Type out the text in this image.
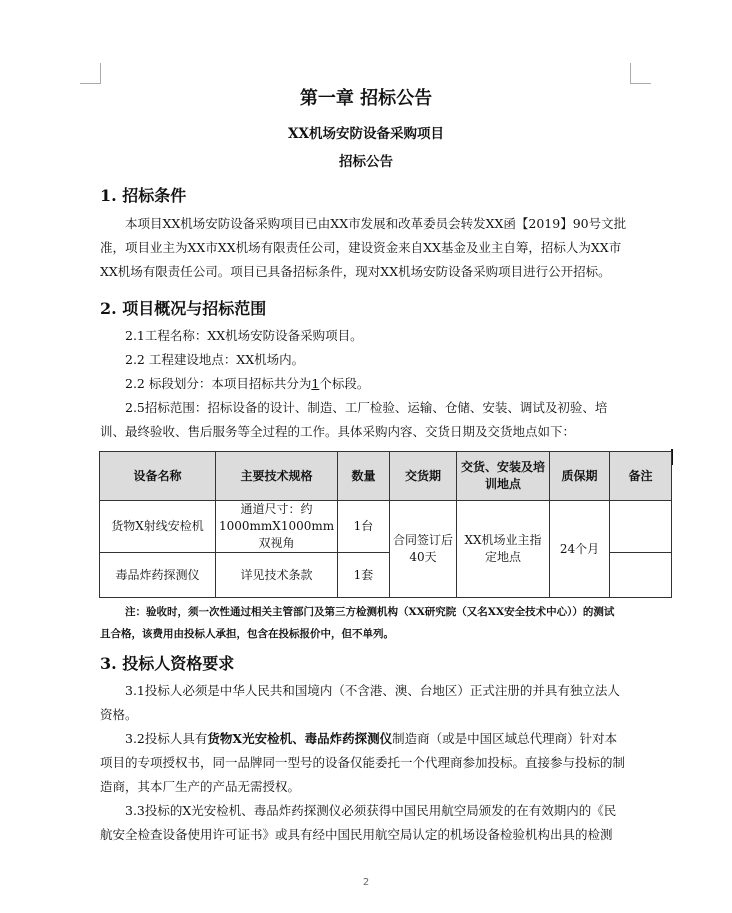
第一章 招标公告
XX机场安防设备采购项目
招标公告
1. 招标条件
本项目XX机场安防设备采购项目已由XX市发展和改革委员会转发XX函【2019】90号文批
准，项目业主为XX市XX机场有限责任公司，建设资金来自XX基金及业主自筹，招标人为XX市
XX机场有限责任公司。项目已具备招标条件，现对XX机场安防设备采购项目进行公开招标。
2. 项目概况与招标范围
2.1工程名称：XX机场安防设备采购项目。
2.2 工程建设地点：XX机场内。
2.2 标段划分：本项目招标共分为1个标段。
2.5招标范围：招标设备的设计、制造、工厂检验、运输、仓储、安装、调试及初验、培
训、最终验收、售后服务等全过程的工作。具体采购内容、交货日期及交货地点如下：
设备名称	主要技术规格	数量	交货期	交货、安装及培训地点	质保期	备注
货物X射线安检机	通道尺寸：约1000mmX1000mm双视角	1台	合同签订后40天	XX机场业主指定地点	24个月	
毒品炸药探测仪	详见技术条款	1套				
注：验收时，须一次性通过相关主管部门及第三方检测机构（XX研究院（又名XX安全技术中心））的测试
且合格，该费用由投标人承担，包含在投标报价中，但不单列。
3. 投标人资格要求
3.1投标人必须是中华人民共和国境内（不含港、澳、台地区）正式注册的并具有独立法人
资格。
3.2投标人具有货物X光安检机、毒品炸药探测仪制造商（或是中国区域总代理商）针对本
项目的专项授权书，同一品牌同一型号的设备仅能委托一个代理商参加投标。直接参与投标的制
造商，其本厂生产的产品无需授权。
3.3投标的X光安检机、毒品炸药探测仪必须获得中国民用航空局颁发的在有效期内的《民
航安全检查设备使用许可证书》或具有经中国民用航空局认定的机场设备检验机构出具的检测
2
